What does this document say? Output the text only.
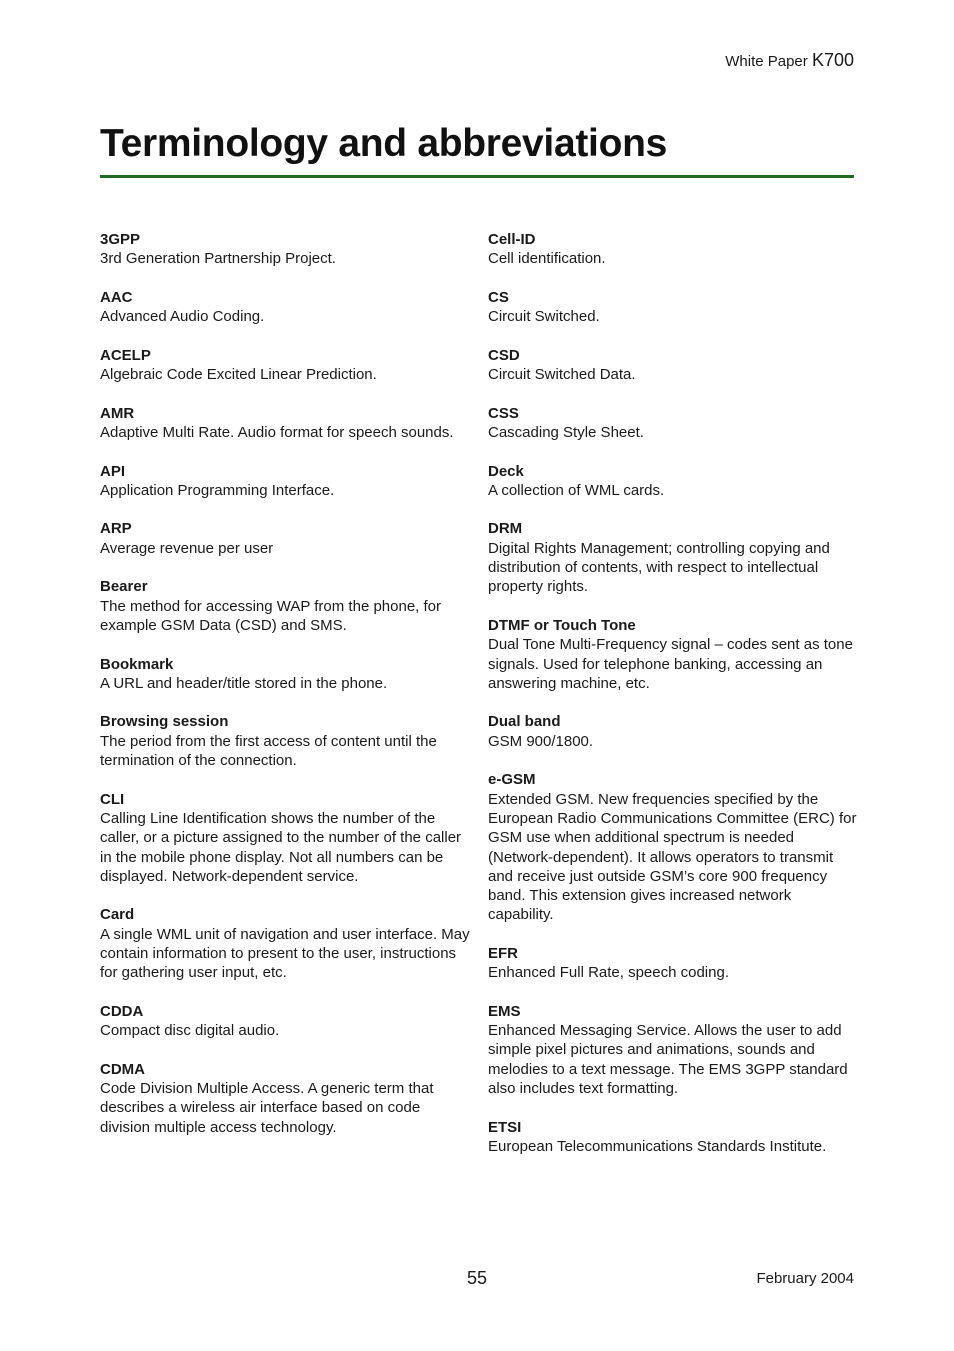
White Paper K700
Terminology and abbreviations
3GPP
3rd Generation Partnership Project.
AAC
Advanced Audio Coding.
ACELP
Algebraic Code Excited Linear Prediction.
AMR
Adaptive Multi Rate. Audio format for speech sounds.
API
Application Programming Interface.
ARP
Average revenue per user
Bearer
The method for accessing WAP from the phone, for example GSM Data (CSD) and SMS.
Bookmark
A URL and header/title stored in the phone.
Browsing session
The period from the first access of content until the termination of the connection.
CLI
Calling Line Identification shows the number of the caller, or a picture assigned to the number of the caller in the mobile phone display. Not all numbers can be displayed. Network-dependent service.
Card
A single WML unit of navigation and user interface. May contain information to present to the user, instructions for gathering user input, etc.
CDDA
Compact disc digital audio.
CDMA
Code Division Multiple Access. A generic term that describes a wireless air interface based on code division multiple access technology.
Cell-ID
Cell identification.
CS
Circuit Switched.
CSD
Circuit Switched Data.
CSS
Cascading Style Sheet.
Deck
A collection of WML cards.
DRM
Digital Rights Management; controlling copying and distribution of contents, with respect to intellectual property rights.
DTMF or Touch Tone
Dual Tone Multi-Frequency signal – codes sent as tone signals. Used for telephone banking, accessing an answering machine, etc.
Dual band
GSM 900/1800.
e-GSM
Extended GSM. New frequencies specified by the European Radio Communications Committee (ERC) for GSM use when additional spectrum is needed (Network-dependent). It allows operators to transmit and receive just outside GSM’s core 900 frequency band. This extension gives increased network capability.
EFR
Enhanced Full Rate, speech coding.
EMS
Enhanced Messaging Service. Allows the user to add simple pixel pictures and animations, sounds and melodies to a text message. The EMS 3GPP standard also includes text formatting.
ETSI
European Telecommunications Standards Institute.
55	February 2004
